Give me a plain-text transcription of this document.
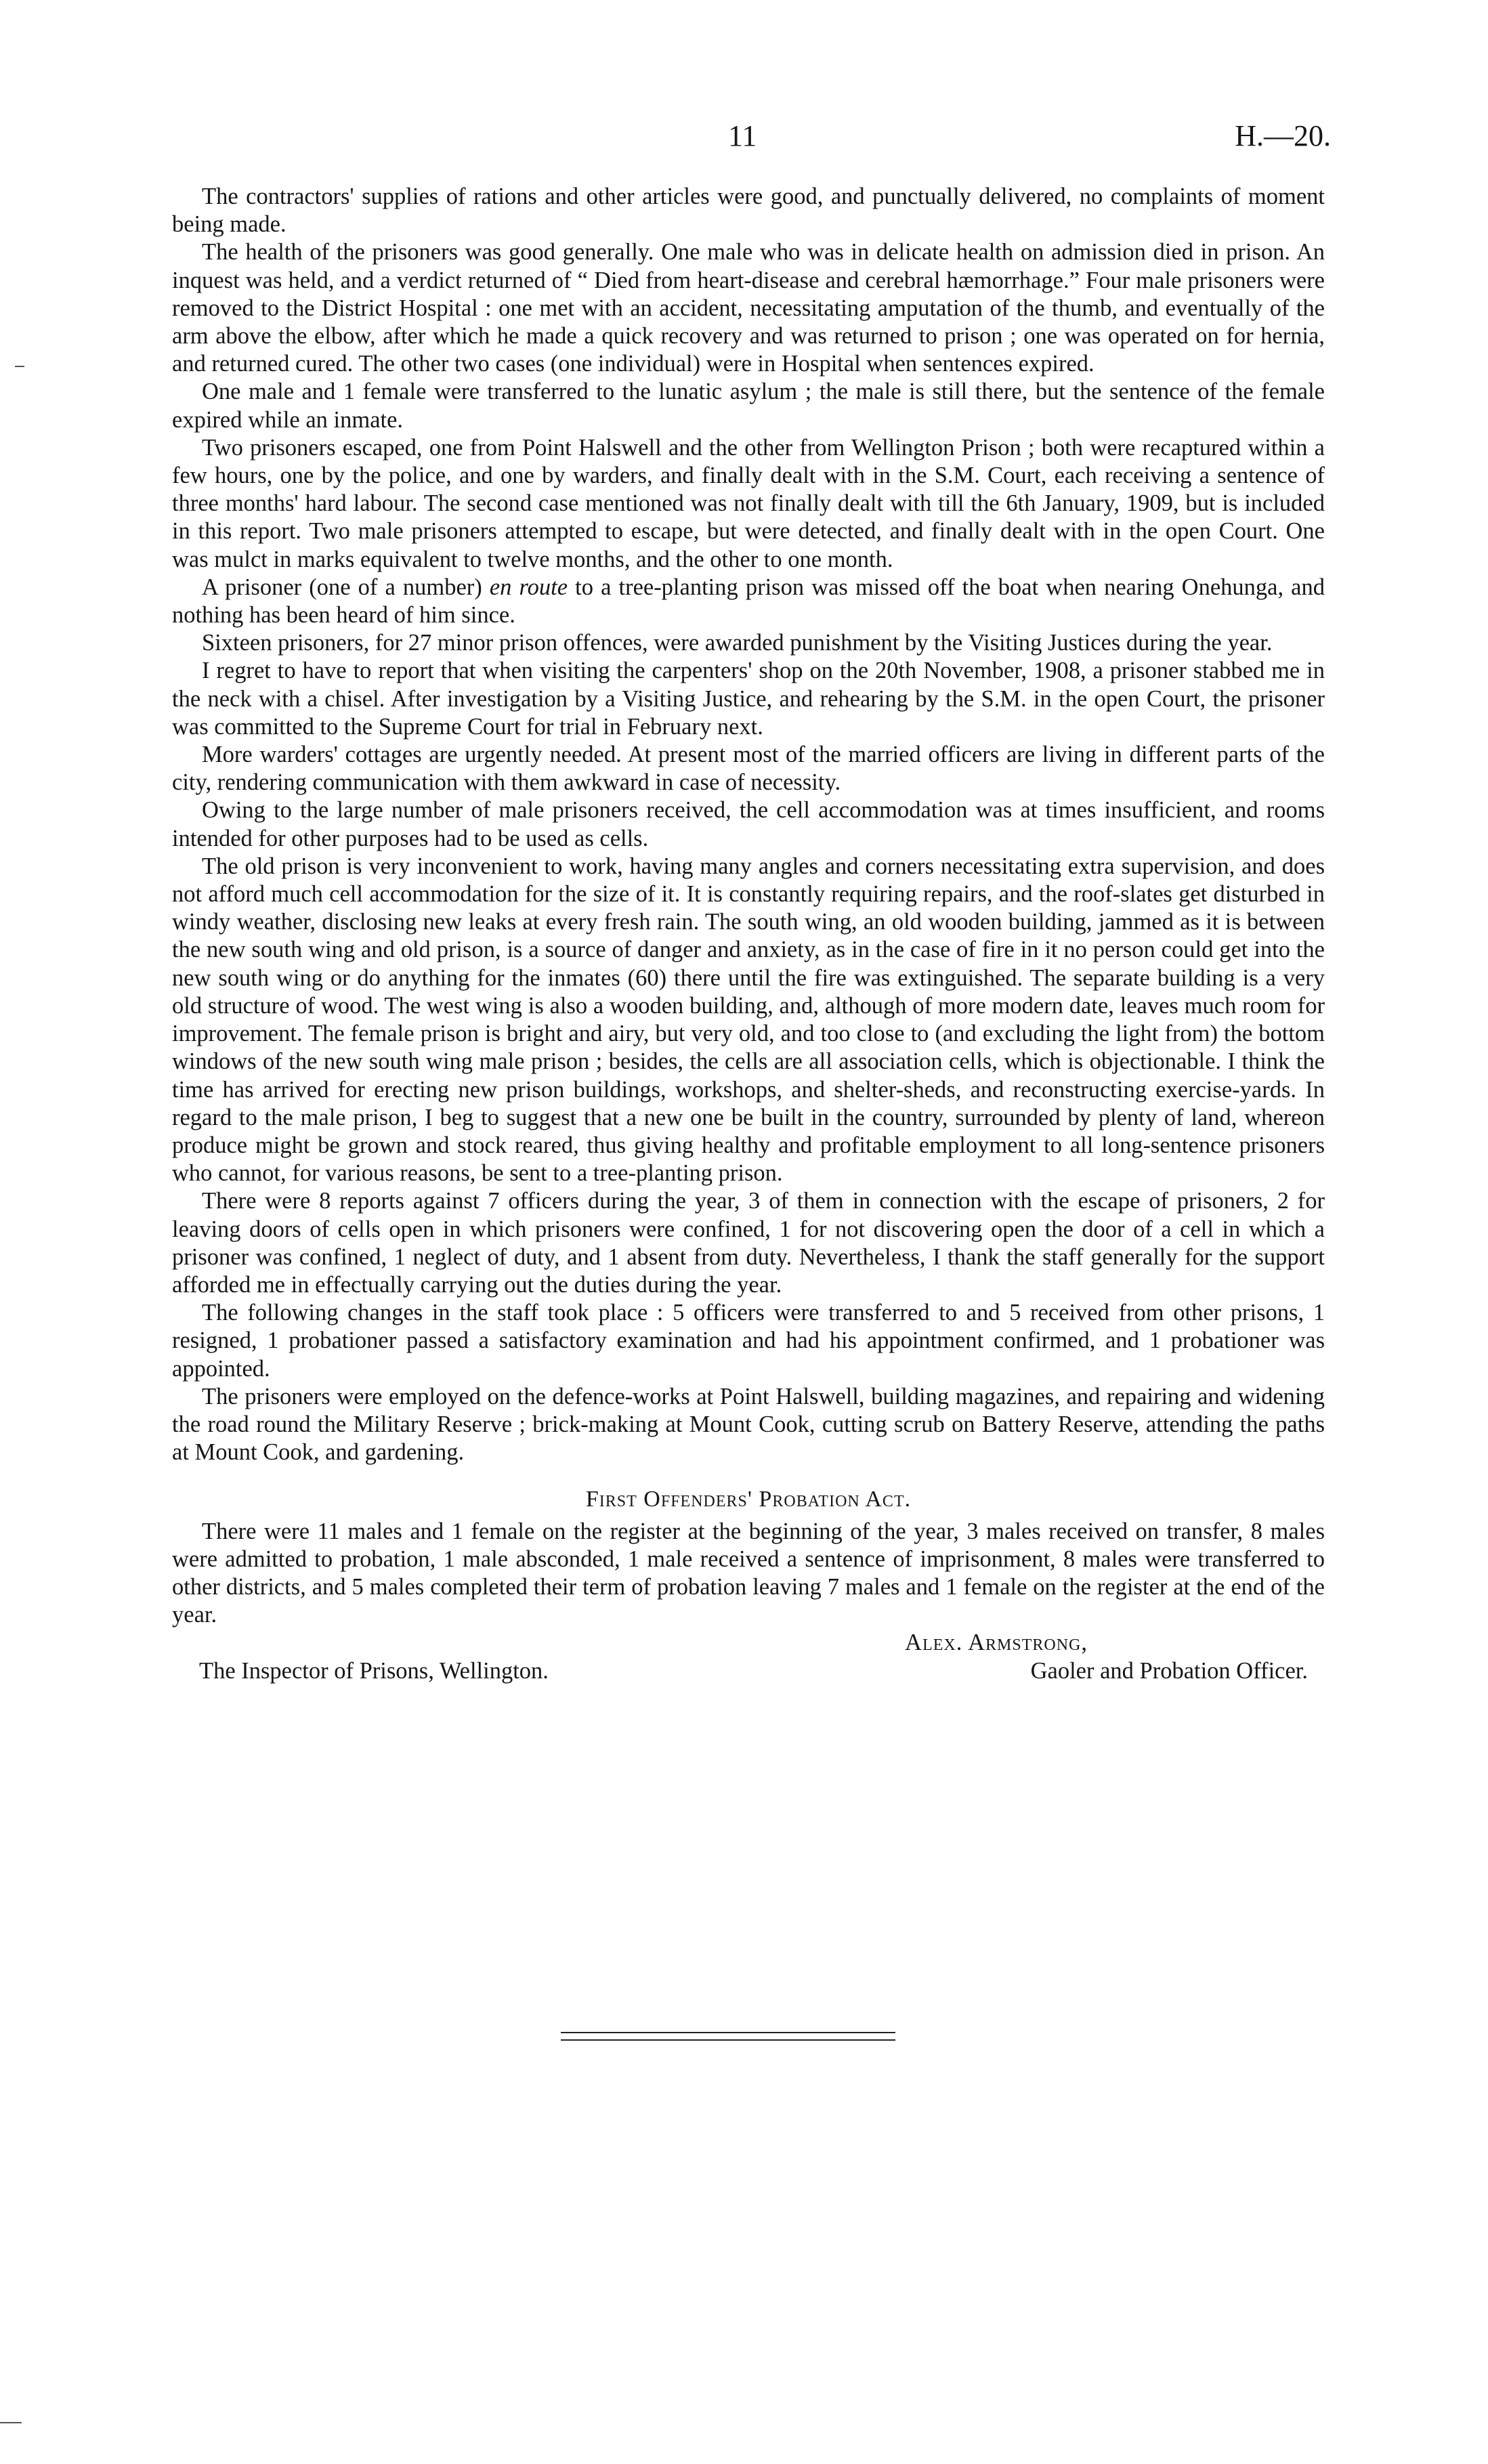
11	H.—20.

The contractors' supplies of rations and other articles were good, and punctually delivered, no complaints of moment being made.

The health of the prisoners was good generally. One male who was in delicate health on admission died in prison. An inquest was held, and a verdict returned of “ Died from heart-disease and cerebral hæmorrhage.” Four male prisoners were removed to the District Hospital : one met with an accident, necessitating amputation of the thumb, and eventually of the arm above the elbow, after which he made a quick recovery and was returned to prison ; one was operated on for hernia, and returned cured. The other two cases (one individual) were in Hospital when sentences expired.

One male and 1 female were transferred to the lunatic asylum ; the male is still there, but the sentence of the female expired while an inmate.

Two prisoners escaped, one from Point Halswell and the other from Wellington Prison ; both were recaptured within a few hours, one by the police, and one by warders, and finally dealt with in the S.M. Court, each receiving a sentence of three months' hard labour. The second case mentioned was not finally dealt with till the 6th January, 1909, but is included in this report. Two male prisoners attempted to escape, but were detected, and finally dealt with in the open Court. One was mulct in marks equivalent to twelve months, and the other to one month.

A prisoner (one of a number) en route to a tree-planting prison was missed off the boat when nearing Onehunga, and nothing has been heard of him since.

Sixteen prisoners, for 27 minor prison offences, were awarded punishment by the Visiting Justices during the year.

I regret to have to report that when visiting the carpenters' shop on the 20th November, 1908, a prisoner stabbed me in the neck with a chisel. After investigation by a Visiting Justice, and rehearing by the S.M. in the open Court, the prisoner was committed to the Supreme Court for trial in February next.

More warders' cottages are urgently needed. At present most of the married officers are living in different parts of the city, rendering communication with them awkward in case of necessity.

Owing to the large number of male prisoners received, the cell accommodation was at times insufficient, and rooms intended for other purposes had to be used as cells.

The old prison is very inconvenient to work, having many angles and corners necessitating extra supervision, and does not afford much cell accommodation for the size of it. It is constantly requiring repairs, and the roof-slates get disturbed in windy weather, disclosing new leaks at every fresh rain. The south wing, an old wooden building, jammed as it is between the new south wing and old prison, is a source of danger and anxiety, as in the case of fire in it no person could get into the new south wing or do anything for the inmates (60) there until the fire was extinguished. The separate building is a very old structure of wood. The west wing is also a wooden building, and, although of more modern date, leaves much room for improvement. The female prison is bright and airy, but very old, and too close to (and excluding the light from) the bottom windows of the new south wing male prison ; besides, the cells are all association cells, which is objectionable. I think the time has arrived for erecting new prison buildings, workshops, and shelter-sheds, and reconstructing exercise-yards. In regard to the male prison, I beg to suggest that a new one be built in the country, surrounded by plenty of land, whereon produce might be grown and stock reared, thus giving healthy and profitable employment to all long-sentence prisoners who cannot, for various reasons, be sent to a tree-planting prison.

There were 8 reports against 7 officers during the year, 3 of them in connection with the escape of prisoners, 2 for leaving doors of cells open in which prisoners were confined, 1 for not discovering open the door of a cell in which a prisoner was confined, 1 neglect of duty, and 1 absent from duty. Nevertheless, I thank the staff generally for the support afforded me in effectually carrying out the duties during the year.

The following changes in the staff took place : 5 officers were transferred to and 5 received from other prisons, 1 resigned, 1 probationer passed a satisfactory examination and had his appointment confirmed, and 1 probationer was appointed.

The prisoners were employed on the defence-works at Point Halswell, building magazines, and repairing and widening the road round the Military Reserve ; brick-making at Mount Cook, cutting scrub on Battery Reserve, attending the paths at Mount Cook, and gardening.

First Offenders' Probation Act.

There were 11 males and 1 female on the register at the beginning of the year, 3 males received on transfer, 8 males were admitted to probation, 1 male absconded, 1 male received a sentence of imprisonment, 8 males were transferred to other districts, and 5 males completed their term of probation leaving 7 males and 1 female on the register at the end of the year.

Alex. Armstrong,

The Inspector of Prisons, Wellington.	Gaoler and Probation Officer.
